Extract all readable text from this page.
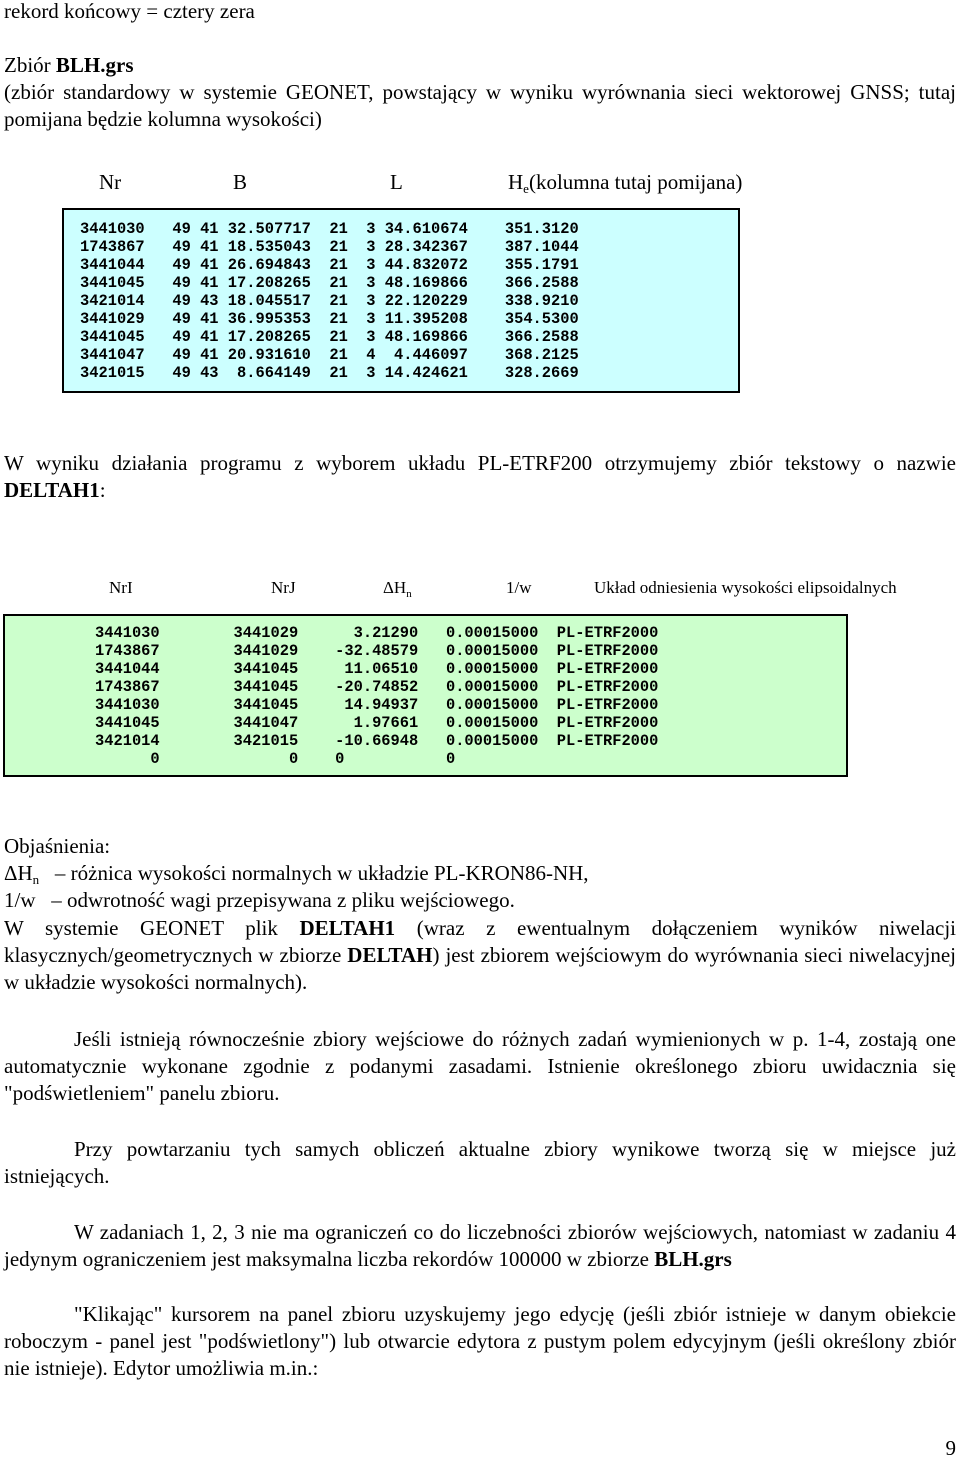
rekord końcowy = cztery zera
Zbiór BLH.grs
(zbiór standardowy w systemie GEONET, powstający w wyniku wyrównania sieci wektorowej GNSS; tutaj pomijana będzie kolumna wysokości)
Nr	B	L	$H_e(kolumna$ tutaj pomijana)
3441030   49 41 32.507717  21  3 34.610674    351.3120
1743867   49 41 18.535043  21  3 28.342367    387.1044
3441044   49 41 26.694843  21  3 44.832072    355.1791
3441045   49 41 17.208265  21  3 48.169866    366.2588
3421014   49 43 18.045517  21  3 22.120229    338.9210
3441029   49 41 36.995353  21  3 11.395208    354.5300
3441045   49 41 17.208265  21  3 48.169866    366.2588
3441047   49 41 20.931610  21  4  4.446097    368.2125
3421015   49 43  8.664149  21  3 14.424621    328.2669
W wyniku działania programu z wyborem układu PL-ETRF200 otrzymujemy zbiór tekstowy o nazwie DELTAH1:
NrI	NrJ	$\Delta H_n$	1/w	Układ odniesienia wysokości elipsoidalnych
3441030        3441029      3.21290   0.00015000  PL-ETRF2000
1743867        3441029    -32.48579   0.00015000  PL-ETRF2000
3441044        3441045     11.06510   0.00015000  PL-ETRF2000
1743867        3441045    -20.74852   0.00015000  PL-ETRF2000
3441030        3441045     14.94937   0.00015000  PL-ETRF2000
3441045        3441047      1.97661   0.00015000  PL-ETRF2000
3421014        3421015    -10.66948   0.00015000  PL-ETRF2000
0              0    0           0
Objaśnienia:
$\Delta H_n$   – różnica wysokości normalnych w układzie PL-KRON86-NH,
1/w   – odwrotność wagi przepisywana z pliku wejściowego.
W systemie GEONET plik DELTAH1 (wraz z ewentualnym dołączeniem wyników niwelacji klasycznych/geometrycznych w zbiorze DELTAH) jest zbiorem wejściowym do wyrównania sieci niwelacyjnej w układzie wysokości normalnych).
Jeśli istnieją równocześnie zbiory wejściowe do różnych zadań wymienionych w p. 1-4, zostają one automatycznie wykonane zgodnie z podanymi zasadami. Istnienie określonego zbioru uwidacznia się "podświetleniem" panelu zbioru.
Przy powtarzaniu tych samych obliczeń aktualne zbiory wynikowe tworzą się w miejsce już istniejących.
W zadaniach 1, 2, 3 nie ma ograniczeń co do liczebności zbiorów wejściowych, natomiast w zadaniu 4 jedynym ograniczeniem jest maksymalna liczba rekordów 100000 w zbiorze BLH.grs
"Klikając" kursorem na panel zbioru uzyskujemy jego edycję (jeśli zbiór istnieje w danym obiekcie roboczym - panel jest "podświetlony") lub otwarcie edytora z pustym polem edycyjnym (jeśli określony zbiór nie istnieje). Edytor umożliwia m.in.:
9
